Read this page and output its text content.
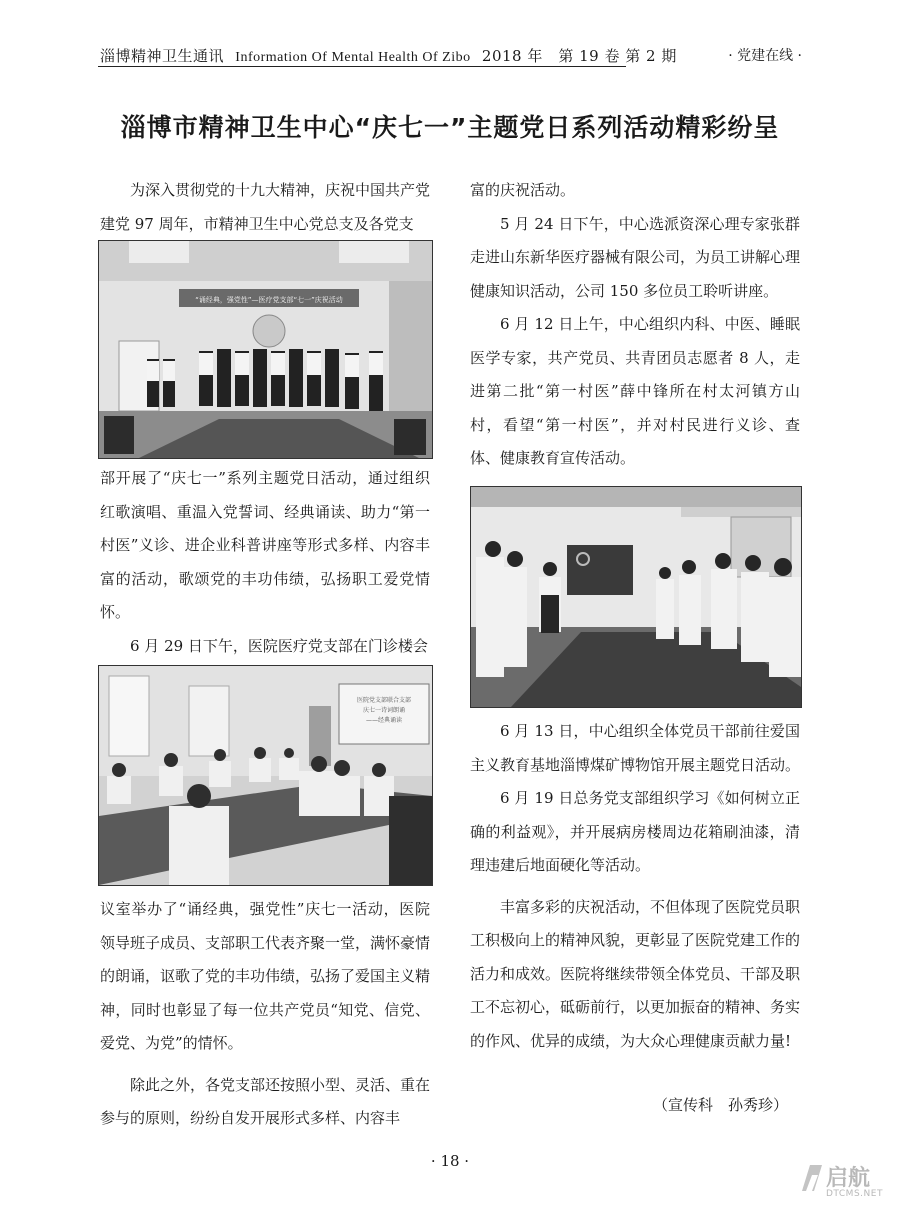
淄博精神卫生通讯 Information Of Mental Health Of Zibo 2018 年　第 19 卷 第 2 期	· 党建在线 ·
淄博市精神卫生中心“庆七一”主题党日系列活动精彩纷呈

为深入贯彻党的十九大精神，庆祝中国共产党建党 97 周年，市精神卫生中心党总支及各党支

“诵经典，强党性”—医疗党支部“七一”庆祝活动

部开展了“庆七一”系列主题党日活动，通过组织红歌演唱、重温入党誓词、经典诵读、助力“第一村医”义诊、进企业科普讲座等形式多样、内容丰富的活动，歌颂党的丰功伟绩，弘扬职工爱党情怀。

6 月 29 日下午，医院医疗党支部在门诊楼会

医院党支部联合支部
庆七一诗词朗诵
——经典诵读

议室举办了“诵经典，强党性”庆七一活动，医院领导班子成员、支部职工代表齐聚一堂，满怀豪情的朗诵，讴歌了党的丰功伟绩，弘扬了爱国主义精神，同时也彰显了每一位共产党员“知党、信党、爱党、为党”的情怀。

除此之外，各党支部还按照小型、灵活、重在参与的原则，纷纷自发开展形式多样、内容丰

富的庆祝活动。

5 月 24 日下午，中心选派资深心理专家张群走进山东新华医疗器械有限公司，为员工讲解心理健康知识活动，公司 150 多位员工聆听讲座。

6 月 12 日上午，中心组织内科、中医、睡眠医学专家，共产党员、共青团员志愿者 8 人，走进第二批“第一村医”薛中锋所在村太河镇方山村，看望“第一村医”，并对村民进行义诊、查体、健康教育宣传活动。

6 月 13 日，中心组织全体党员干部前往爱国主义教育基地淄博煤矿博物馆开展主题党日活动。

6 月 19 日总务党支部组织学习《如何树立正确的利益观》，并开展病房楼周边花箱刷油漆，清理违建后地面硬化等活动。

丰富多彩的庆祝活动，不但体现了医院党员职工积极向上的精神风貌，更彰显了医院党建工作的活力和成效。医院将继续带领全体党员、干部及职工不忘初心，砥砺前行，以更加振奋的精神、务实的作风、优异的成绩，为大众心理健康贡献力量!

（宣传科　孙秀珍）
· 18 ·
启航
DTCMS.NET
